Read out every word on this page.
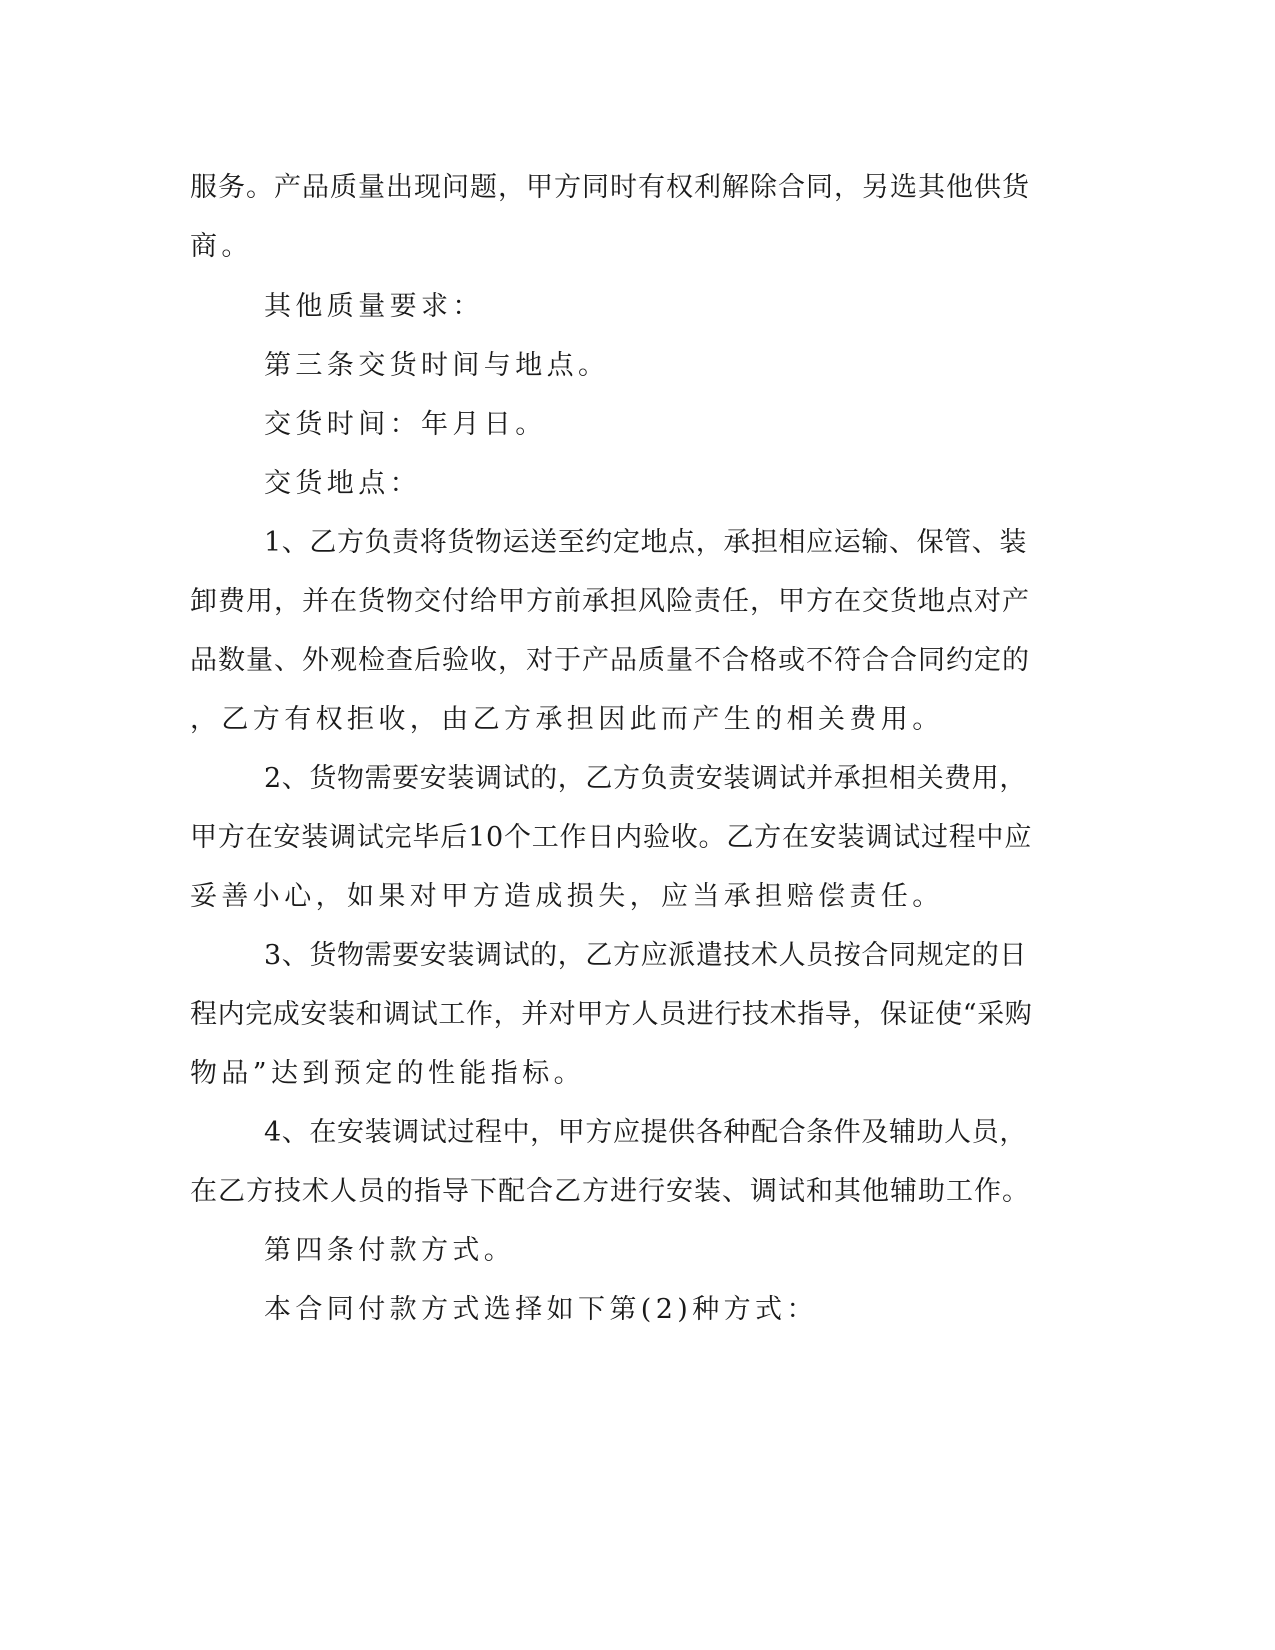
服务。产品质量出现问题，甲方同时有权利解除合同，另选其他供货
商。
其他质量要求：
第三条交货时间与地点。
交货时间：年月日。
交货地点：
1、乙方负责将货物运送至约定地点，承担相应运输、保管、装
卸费用，并在货物交付给甲方前承担风险责任，甲方在交货地点对产
品数量、外观检查后验收，对于产品质量不合格或不符合合同约定的
，乙方有权拒收，由乙方承担因此而产生的相关费用。
2、货物需要安装调试的，乙方负责安装调试并承担相关费用，
甲方在安装调试完毕后10个工作日内验收。乙方在安装调试过程中应
妥善小心，如果对甲方造成损失，应当承担赔偿责任。
3、货物需要安装调试的，乙方应派遣技术人员按合同规定的日
程内完成安装和调试工作，并对甲方人员进行技术指导，保证使“采购
物品”达到预定的性能指标。
4、在安装调试过程中，甲方应提供各种配合条件及辅助人员，
在乙方技术人员的指导下配合乙方进行安装、调试和其他辅助工作。
第四条付款方式。
本合同付款方式选择如下第(2)种方式：
